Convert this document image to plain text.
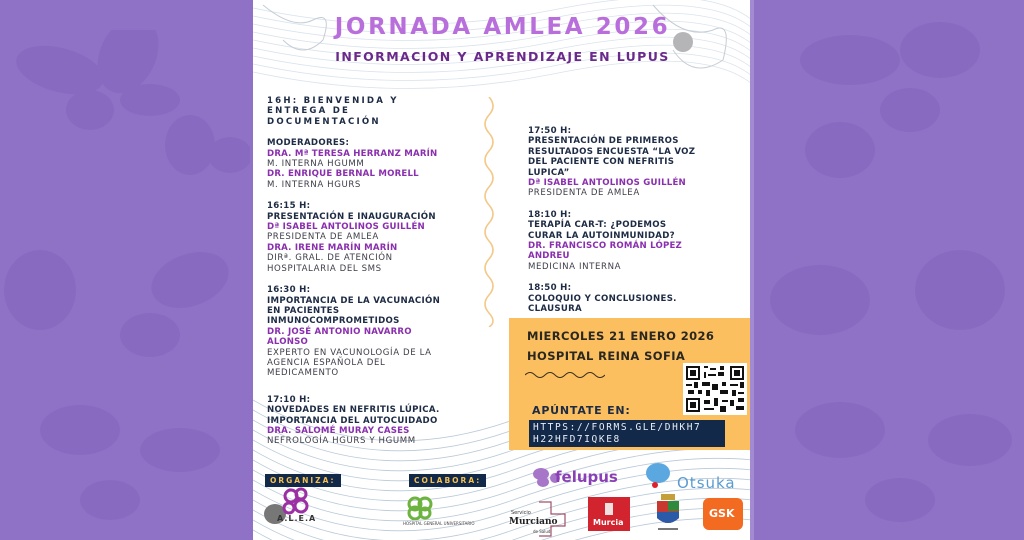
JORNADA AMLEA 2026
INFORMACION Y APRENDIZAJE EN LUPUS
16H: BIENVENIDA Y
ENTREGA DE
DOCUMENTACIÓN
MODERADORES:
DRA. Mª TERESA HERRANZ MARÍN
M. INTERNA HGUMM
DR. ENRIQUE BERNAL MORELL
M. INTERNA HGURS
16:15 H:
PRESENTACIÓN E INAUGURACIÓN
Dª ISABEL ANTOLINOS GUILLÉN
PRESIDENTA DE AMLEA
DRA. IRENE MARÍN MARÍN
DIRª. GRAL. DE ATENCIÓN
HOSPITALARIA DEL SMS
16:30 H:
IMPORTANCIA DE LA VACUNACIÓN
EN PACIENTES
INMUNOCOMPROMETIDOS
DR. JOSÉ ANTONIO NAVARRO
ALONSO
EXPERTO EN VACUNOLOGÍA DE LA
AGENCIA ESPAÑOLA DEL
MEDICAMENTO
17:10 H:
NOVEDADES EN NEFRITIS LÚPICA.
IMPORTANCIA DEL AUTOCUIDADO
DRA. SALOMÉ MURAY CASES
NEFROLOGÍA HGURS Y HGUMM
17:50 H:
PRESENTACIÓN DE PRIMEROS
RESULTADOS ENCUESTA “LA VOZ
DEL PACIENTE CON NEFRITIS
LUPICA”
Dª ISABEL ANTOLINOS GUILLÉN
PRESIDENTA DE AMLEA
18:10 H:
TERAPÍA CAR-T: ¿PODEMOS
CURAR LA AUTOINMUNIDAD?
DR. FRANCISCO ROMÁN LÓPEZ
ANDREU
MEDICINA INTERNA
18:50 H:
COLOQUIO Y CONCLUSIONES.
CLAUSURA
MIERCOLES 21 ENERO 2026
HOSPITAL REINA SOFIA
APÚNTATE EN:
HTTPS://FORMS.GLE/DHKH7
H22HFD7IQKE8
ORGANIZA:	COLABORA:
A.L.E.A
HOSPITAL GENERAL UNIVERSITARIO
felupus	Otsuka
Servicio
Murciano
de Salud
Murcia
GSK
